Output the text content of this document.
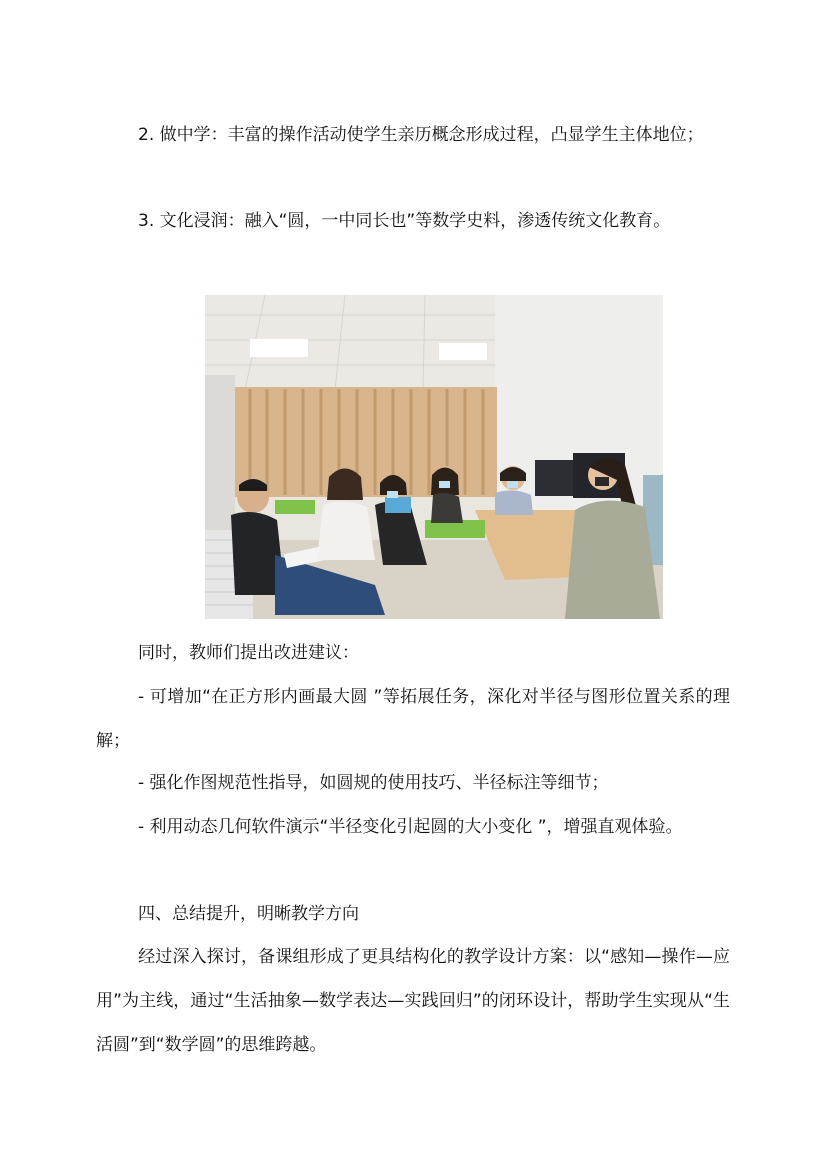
2. 做中学：丰富的操作活动使学生亲历概念形成过程，凸显学生主体地位；

3. 文化浸润：融入“圆，一中同长也”等数学史料，渗透传统文化教育。

同时，教师们提出改进建议：

- 可增加“在正方形内画最大圆 ”等拓展任务，深化对半径与图形位置关系的理解；

- 强化作图规范性指导，如圆规的使用技巧、半径标注等细节；

- 利用动态几何软件演示“半径变化引起圆的大小变化 ”，增强直观体验。

四、总结提升，明晰教学方向

经过深入探讨，备课组形成了更具结构化的教学设计方案：以“感知—操作—应用”为主线，通过“生活抽象—数学表达—实践回归”的闭环设计，帮助学生实现从“生活圆”到“数学圆”的思维跨越。
